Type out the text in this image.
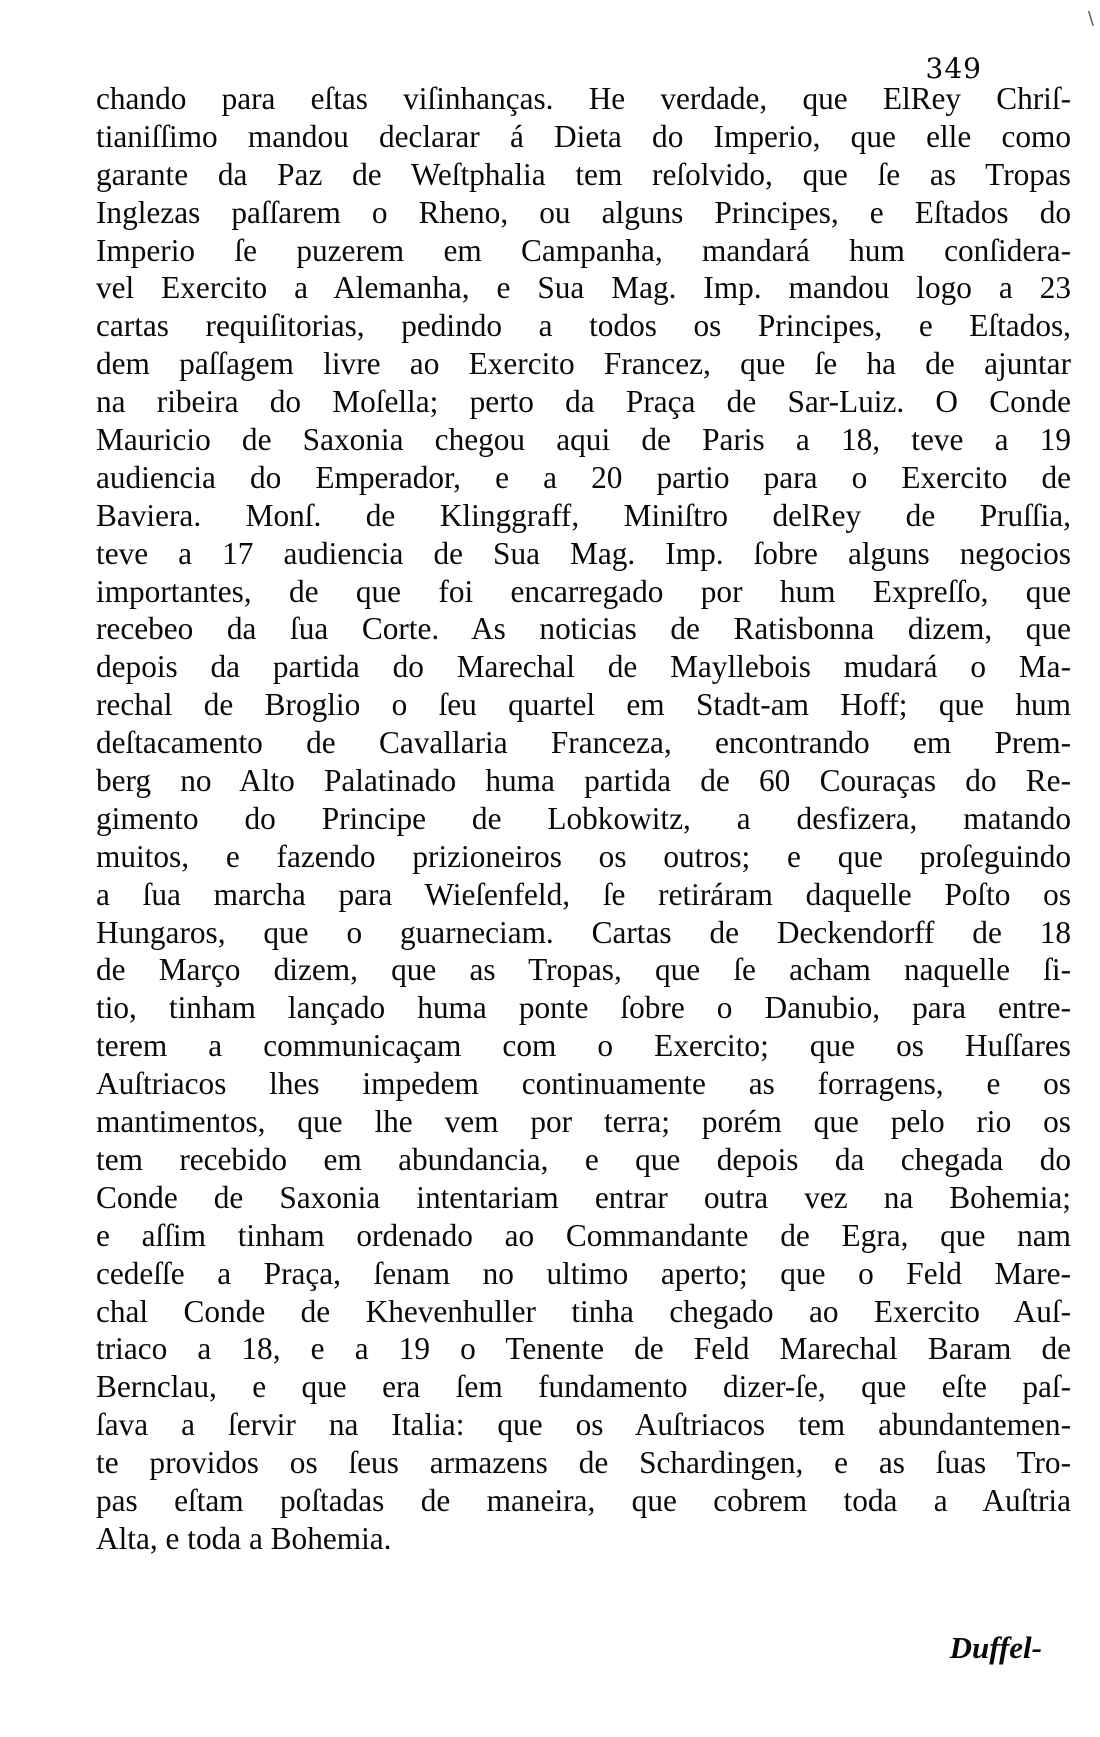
\
349
chando para eſtas viſinhanças. He verdade, que ElRey Chriſ-
tianiſſimo mandou declarar á Dieta do Imperio, que elle como
garante da Paz de Weſtphalia tem reſolvido, que ſe as Tropas
Inglezas paſſarem o Rheno, ou alguns Principes, e Eſtados do
Imperio ſe puzerem em Campanha, mandará hum conſidera-
vel Exercito a Alemanha, e Sua Mag. Imp. mandou logo a 23
cartas requiſitorias, pedindo a todos os Principes, e Eſtados,
dem paſſagem livre ao Exercito Francez, que ſe ha de ajuntar
na ribeira do Moſella; perto da Praça de Sar-Luiz. O Conde
Mauricio de Saxonia chegou aqui de Paris a 18, teve a 19
audiencia do Emperador, e a 20 partio para o Exercito de
Baviera. Monſ. de Klinggraff, Miniſtro delRey de Pruſſia,
teve a 17 audiencia de Sua Mag. Imp. ſobre alguns negocios
importantes, de que foi encarregado por hum Expreſſo, que
recebeo da ſua Corte. As noticias de Ratisbonna dizem, que
depois da partida do Marechal de Mayllebois mudará o Ma-
rechal de Broglio o ſeu quartel em Stadt-am Hoff; que hum
deſtacamento de Cavallaria Franceza, encontrando em Prem-
berg no Alto Palatinado huma partida de 60 Couraças do Re-
gimento do Principe de Lobkowitz, a desfizera, matando
muitos, e fazendo prizioneiros os outros; e que proſeguindo
a ſua marcha para Wieſenfeld, ſe retiráram daquelle Poſto os
Hungaros, que o guarneciam. Cartas de Deckendorff de 18
de Março dizem, que as Tropas, que ſe acham naquelle ſi-
tio, tinham lançado huma ponte ſobre o Danubio, para entre-
terem a communicaçam com o Exercito; que os Huſſares
Auſtriacos lhes impedem continuamente as forragens, e os
mantimentos, que lhe vem por terra; porém que pelo rio os
tem recebido em abundancia, e que depois da chegada do
Conde de Saxonia intentariam entrar outra vez na Bohemia;
e aſſim tinham ordenado ao Commandante de Egra, que nam
cedeſſe a Praça, ſenam no ultimo aperto; que o Feld Mare-
chal Conde de Khevenhuller tinha chegado ao Exercito Auſ-
triaco a 18, e a 19 o Tenente de Feld Marechal Baram de
Bernclau, e que era ſem fundamento dizer-ſe, que eſte paſ-
ſava a ſervir na Italia: que os Auſtriacos tem abundantemen-
te providos os ſeus armazens de Schardingen, e as ſuas Tro-
pas eſtam poſtadas de maneira, que cobrem toda a Auſtria
Alta, e toda a Bohemia.
Duffel-
